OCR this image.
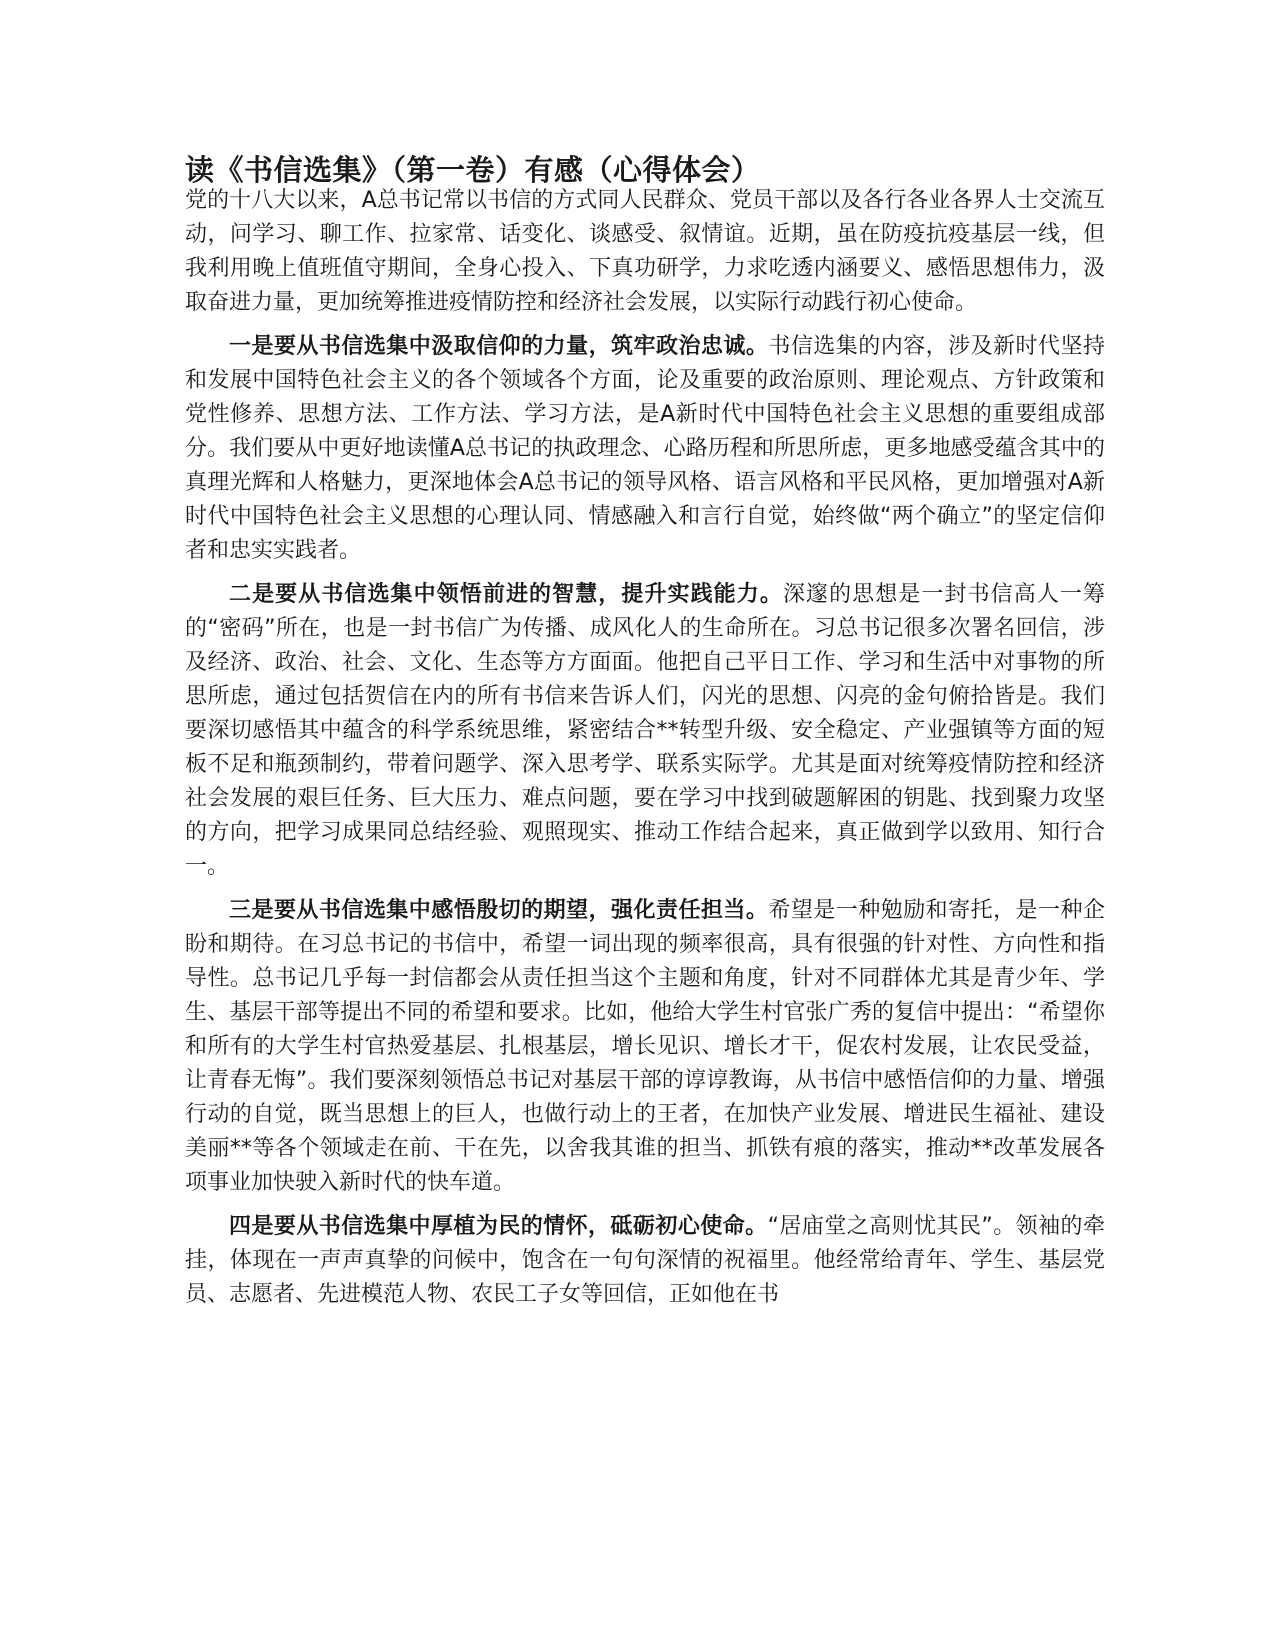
读《书信选集》（第一卷）有感（心得体会）

党的十八大以来，A总书记常以书信的方式同人民群众、党员干部以及各行各业各界人士交流互动，问学习、聊工作、拉家常、话变化、谈感受、叙情谊。近期，虽在防疫抗疫基层一线，但我利用晚上值班值守期间，全身心投入、下真功研学，力求吃透内涵要义、感悟思想伟力，汲取奋进力量，更加统筹推进疫情防控和经济社会发展，以实际行动践行初心使命。

一是要从书信选集中汲取信仰的力量，筑牢政治忠诚。书信选集的内容，涉及新时代坚持和发展中国特色社会主义的各个领域各个方面，论及重要的政治原则、理论观点、方针政策和党性修养、思想方法、工作方法、学习方法，是A新时代中国特色社会主义思想的重要组成部分。我们要从中更好地读懂A总书记的执政理念、心路历程和所思所虑，更多地感受蕴含其中的真理光辉和人格魅力，更深地体会A总书记的领导风格、语言风格和平民风格，更加增强对A新时代中国特色社会主义思想的心理认同、情感融入和言行自觉，始终做“两个确立”的坚定信仰者和忠实实践者。

二是要从书信选集中领悟前进的智慧，提升实践能力。深邃的思想是一封书信高人一筹的“密码”所在，也是一封书信广为传播、成风化人的生命所在。习总书记很多次署名回信，涉及经济、政治、社会、文化、生态等方方面面。他把自己平日工作、学习和生活中对事物的所思所虑，通过包括贺信在内的所有书信来告诉人们，闪光的思想、闪亮的金句俯拾皆是。我们要深切感悟其中蕴含的科学系统思维，紧密结合**转型升级、安全稳定、产业强镇等方面的短板不足和瓶颈制约，带着问题学、深入思考学、联系实际学。尤其是面对统筹疫情防控和经济社会发展的艰巨任务、巨大压力、难点问题，要在学习中找到破题解困的钥匙、找到聚力攻坚的方向，把学习成果同总结经验、观照现实、推动工作结合起来，真正做到学以致用、知行合一。

三是要从书信选集中感悟殷切的期望，强化责任担当。希望是一种勉励和寄托，是一种企盼和期待。在习总书记的书信中，希望一词出现的频率很高，具有很强的针对性、方向性和指导性。总书记几乎每一封信都会从责任担当这个主题和角度，针对不同群体尤其是青少年、学生、基层干部等提出不同的希望和要求。比如，他给大学生村官张广秀的复信中提出：“希望你和所有的大学生村官热爱基层、扎根基层，增长见识、增长才干，促农村发展，让农民受益，让青春无悔”。我们要深刻领悟总书记对基层干部的谆谆教诲，从书信中感悟信仰的力量、增强行动的自觉，既当思想上的巨人，也做行动上的王者，在加快产业发展、增进民生福祉、建设美丽**等各个领域走在前、干在先，以舍我其谁的担当、抓铁有痕的落实，推动**改革发展各项事业加快驶入新时代的快车道。

四是要从书信选集中厚植为民的情怀，砥砺初心使命。“居庙堂之高则忧其民”。领袖的牵挂，体现在一声声真挚的问候中，饱含在一句句深情的祝福里。他经常给青年、学生、基层党员、志愿者、先进模范人物、农民工子女等回信，正如他在书
